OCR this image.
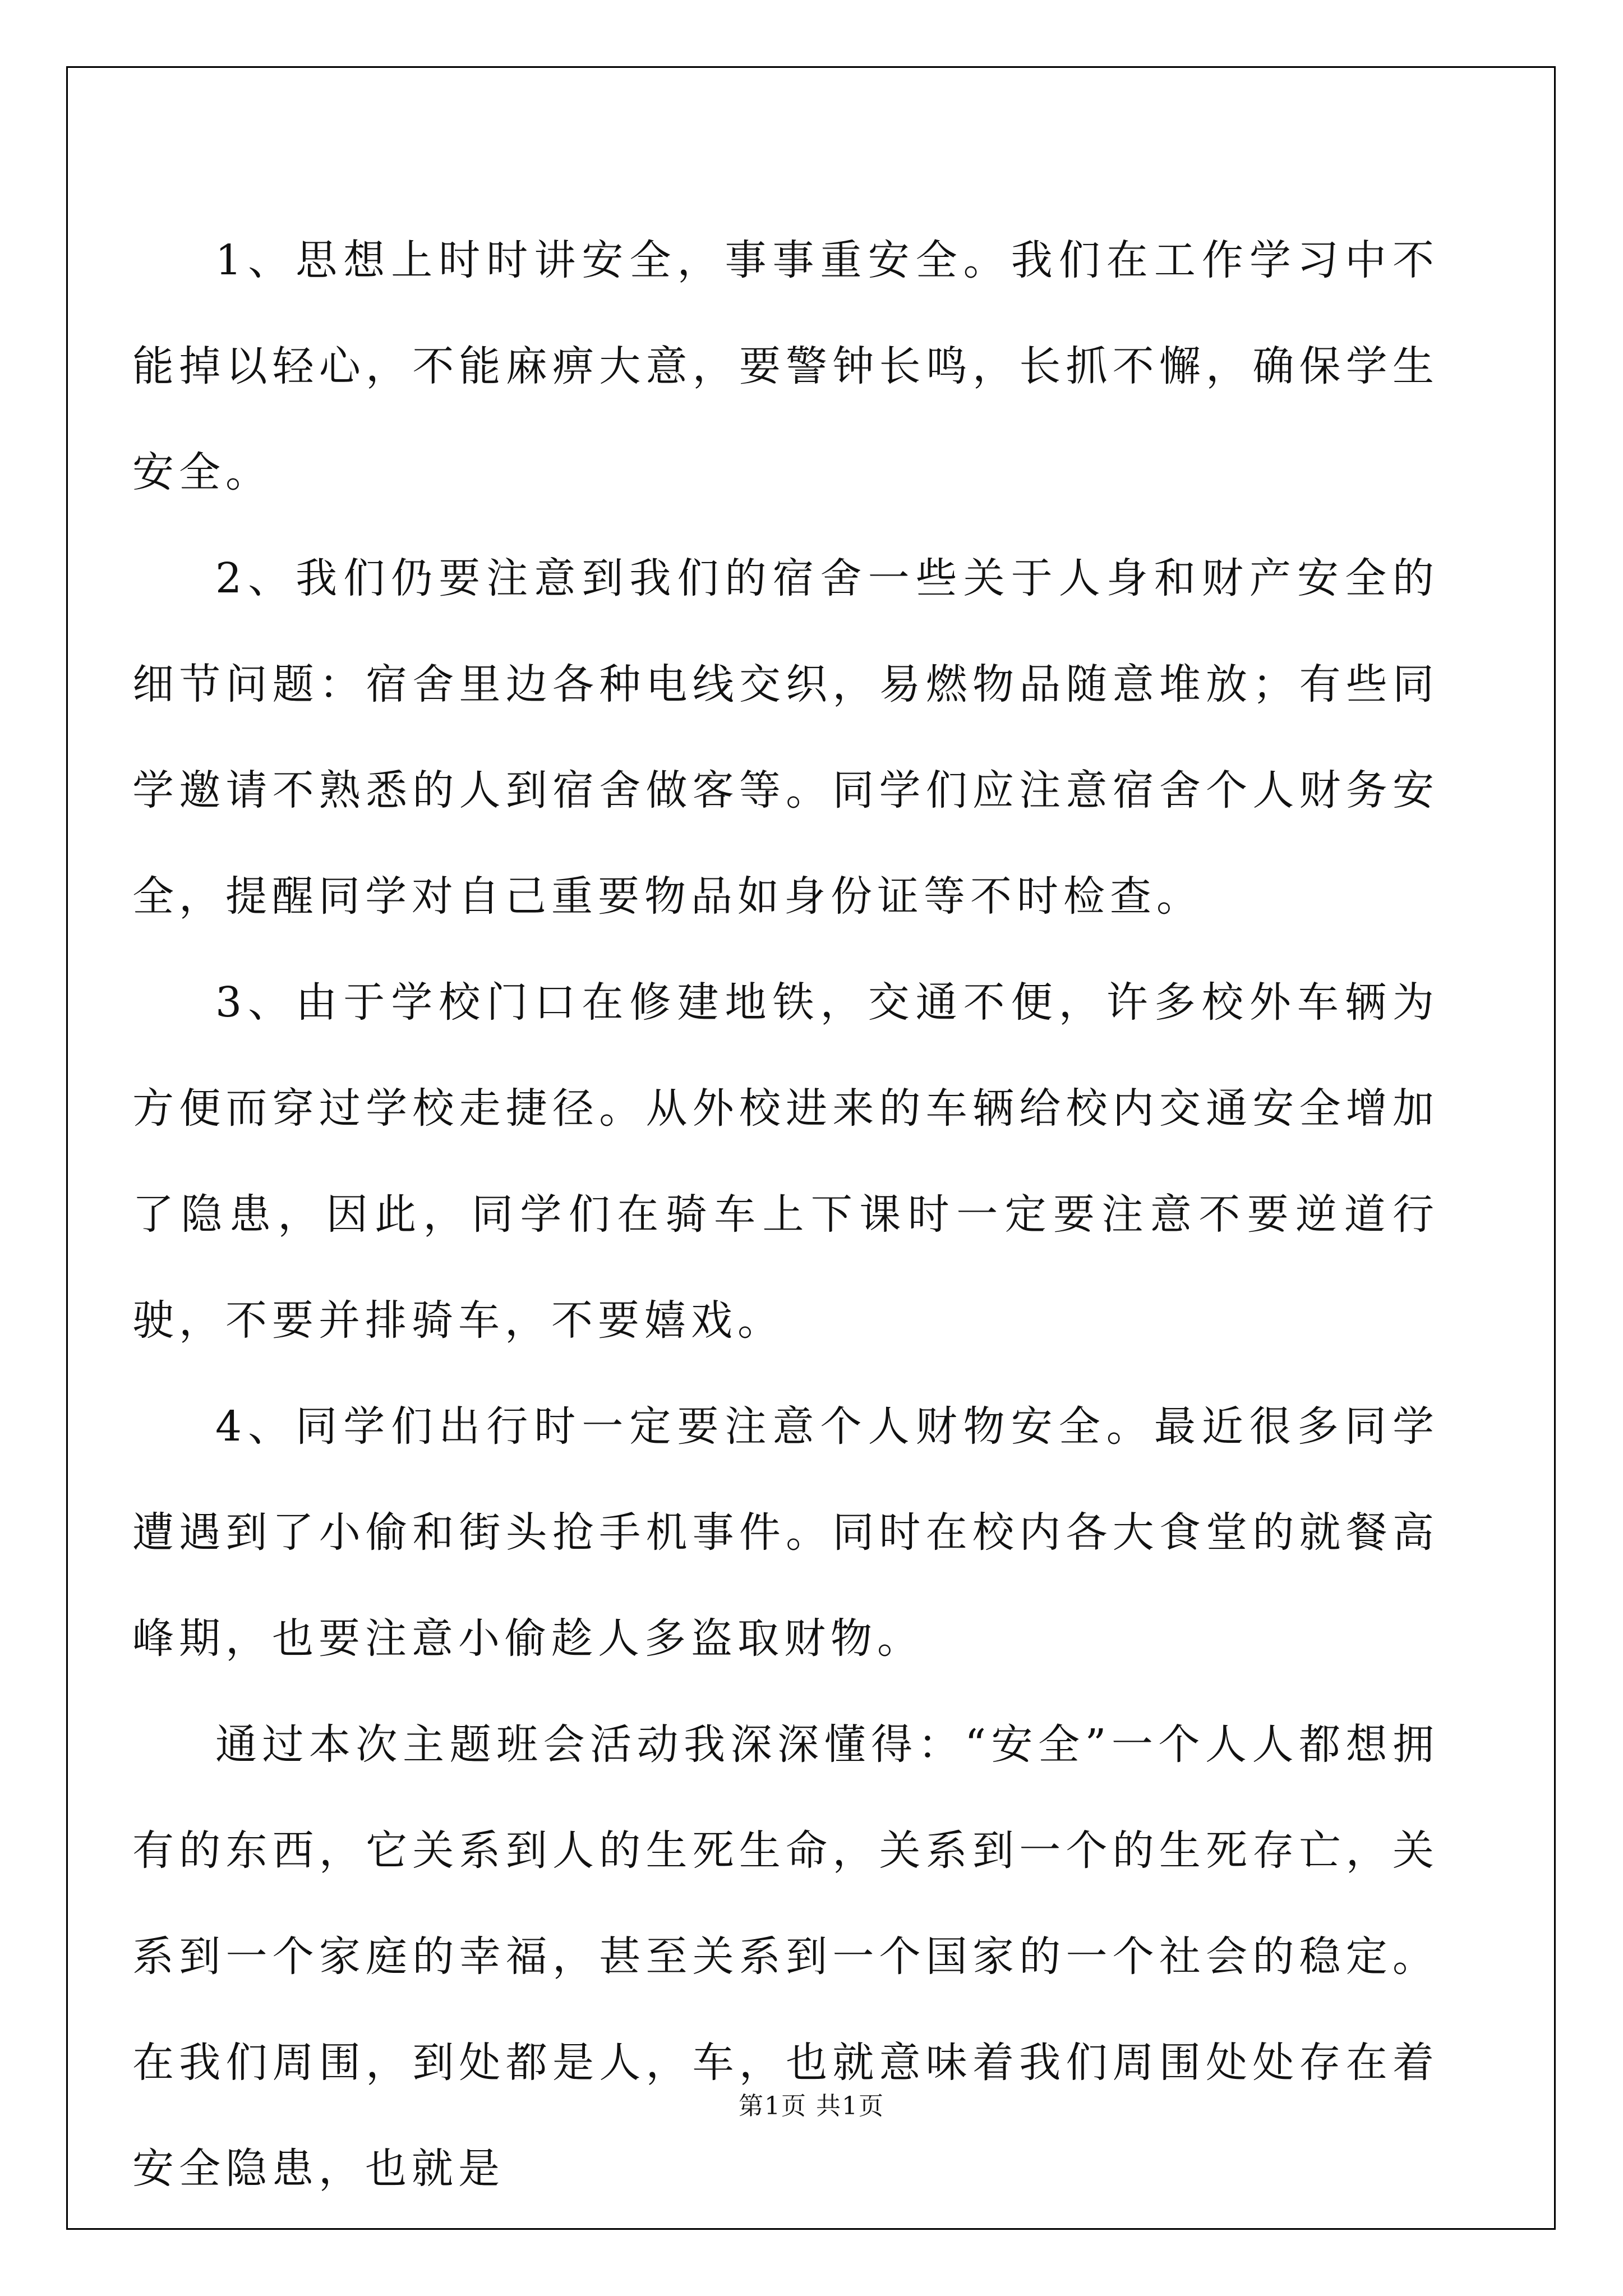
1、思想上时时讲安全，事事重安全。我们在工作学习中不能掉以轻心，不能麻痹大意，要警钟长鸣，长抓不懈，确保学生安全。

2、我们仍要注意到我们的宿舍一些关于人身和财产安全的细节问题：宿舍里边各种电线交织，易燃物品随意堆放；有些同学邀请不熟悉的人到宿舍做客等。同学们应注意宿舍个人财务安全，提醒同学对自己重要物品如身份证等不时检查。

3、由于学校门口在修建地铁，交通不便，许多校外车辆为方便而穿过学校走捷径。从外校进来的车辆给校内交通安全增加了隐患，因此，同学们在骑车上下课时一定要注意不要逆道行驶，不要并排骑车，不要嬉戏。

4、同学们出行时一定要注意个人财物安全。最近很多同学遭遇到了小偷和街头抢手机事件。同时在校内各大食堂的就餐高峰期，也要注意小偷趁人多盗取财物。

通过本次主题班会活动我深深懂得：“安全”一个人人都想拥有的东西，它关系到人的生死生命，关系到一个的生死存亡，关系到一个家庭的幸福，甚至关系到一个国家的一个社会的稳定。在我们周围，到处都是人，车，也就意味着我们周围处处存在着安全隐患，也就是

第1页 共1页
